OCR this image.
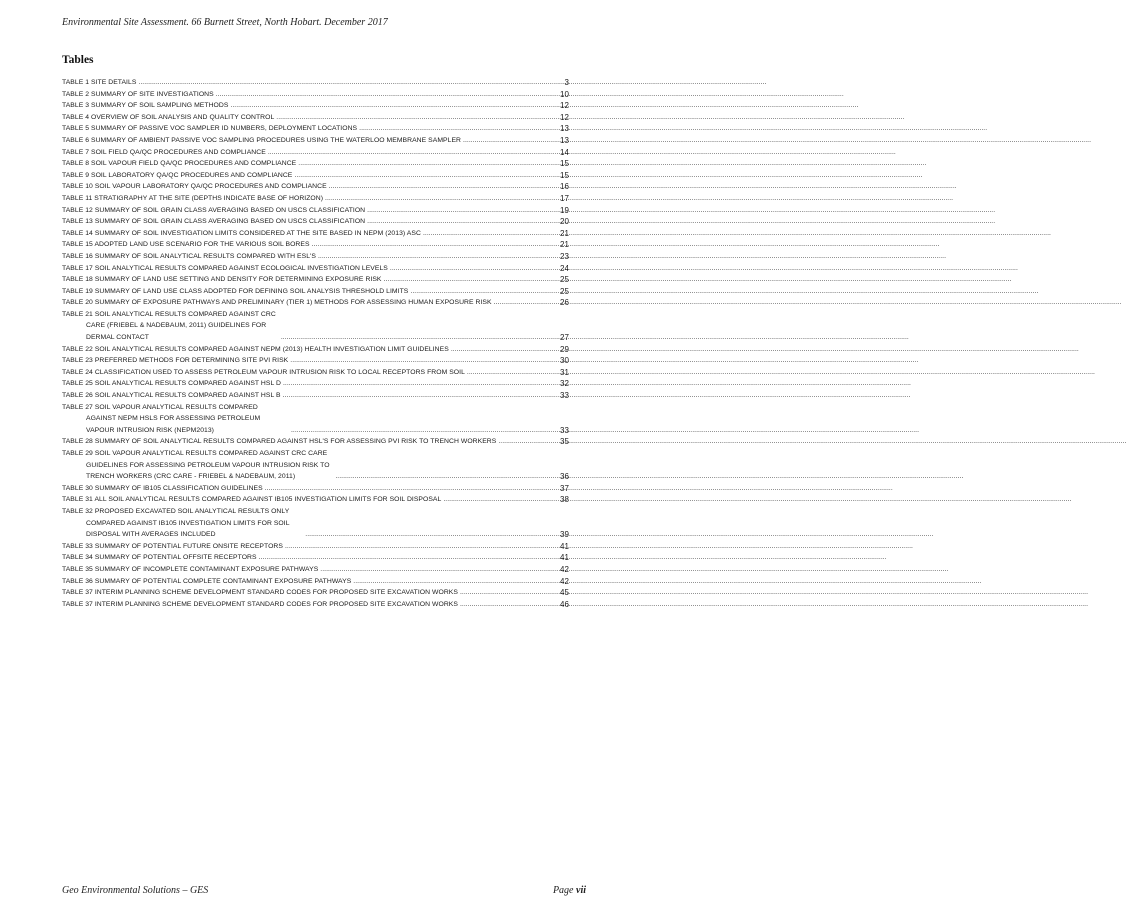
Environmental Site Assessment. 66 Burnett Street, North Hobart. December 2017
Tables
TABLE 1 SITE DETAILS .....	3
TABLE 2 SUMMARY OF SITE INVESTIGATIONS .....	10
TABLE 3 SUMMARY OF SOIL SAMPLING METHODS .....	12
TABLE 4 OVERVIEW OF SOIL ANALYSIS AND QUALITY CONTROL .....	12
TABLE 5 SUMMARY OF PASSIVE VOC SAMPLER ID NUMBERS, DEPLOYMENT LOCATIONS .....	13
TABLE 6 SUMMARY OF AMBIENT PASSIVE VOC SAMPLING PROCEDURES USING THE WATERLOO MEMBRANE SAMPLER .....	13
TABLE 7 SOIL FIELD QA/QC PROCEDURES AND COMPLIANCE .....	14
TABLE 8 SOIL VAPOUR FIELD QA/QC PROCEDURES AND COMPLIANCE .....	15
TABLE 9 SOIL LABORATORY QA/QC PROCEDURES AND COMPLIANCE .....	15
TABLE 10 SOIL VAPOUR LABORATORY QA/QC PROCEDURES AND COMPLIANCE .....	16
TABLE 11 STRATIGRAPHY AT THE SITE (DEPTHS INDICATE BASE OF HORIZON) .....	17
TABLE 12 SUMMARY OF SOIL GRAIN CLASS AVERAGING BASED ON USCS CLASSIFICATION .....	19
TABLE 13 SUMMARY OF SOIL GRAIN CLASS AVERAGING BASED ON USCS CLASSIFICATION .....	20
TABLE 14 SUMMARY OF SOIL INVESTIGATION LIMITS CONSIDERED AT THE SITE BASED IN NEPM (2013) ASC .....	21
TABLE 15 ADOPTED LAND USE SCENARIO FOR THE VARIOUS SOIL BORES .....	21
TABLE 16 SUMMARY OF SOIL ANALYTICAL RESULTS COMPARED WITH ESL'S .....	23
TABLE 17 SOIL ANALYTICAL RESULTS COMPARED AGAINST ECOLOGICAL INVESTIGATION LEVELS .....	24
TABLE 18 SUMMARY OF LAND USE SETTING AND DENSITY FOR DETERMINING EXPOSURE RISK .....	25
TABLE 19 SUMMARY OF LAND USE CLASS ADOPTED FOR DEFINING SOIL ANALYSIS THRESHOLD LIMITS .....	25
TABLE 20 SUMMARY OF EXPOSURE PATHWAYS AND PRELIMINARY (TIER 1) METHODS FOR ASSESSING HUMAN EXPOSURE RISK .....	26
TABLE 21 SOIL ANALYTICAL RESULTS COMPARED AGAINST CRC CARE (FRIEBEL & NADEBAUM, 2011) GUIDELINES FOR DERMAL CONTACT .....	27
TABLE 22 SOIL ANALYTICAL RESULTS COMPARED AGAINST NEPM (2013) HEALTH INVESTIGATION LIMIT GUIDELINES .....	29
TABLE 23 PREFERRED METHODS FOR DETERMINING SITE PVI RISK .....	30
TABLE 24 CLASSIFICATION USED TO ASSESS PETROLEUM VAPOUR INTRUSION RISK TO LOCAL RECEPTORS FROM SOIL .....	31
TABLE 25 SOIL ANALYTICAL RESULTS COMPARED AGAINST HSL D .....	32
TABLE 26 SOIL ANALYTICAL RESULTS COMPARED AGAINST HSL B .....	33
TABLE 27 SOIL VAPOUR ANALYTICAL RESULTS COMPARED AGAINST NEPM HSLS FOR ASSESSING PETROLEUM VAPOUR INTRUSION RISK (NEPM2013) .....	33
TABLE 28 SUMMARY OF SOIL ANALYTICAL RESULTS COMPARED AGAINST HSL'S FOR ASSESSING PVI RISK TO TRENCH WORKERS .....	35
TABLE 29 SOIL VAPOUR ANALYTICAL RESULTS COMPARED AGAINST CRC CARE GUIDELINES FOR ASSESSING PETROLEUM VAPOUR INTRUSION RISK TO TRENCH WORKERS (CRC CARE - FRIEBEL & NADEBAUM, 2011) .....	36
TABLE 30 SUMMARY OF IB105 CLASSIFICATION GUIDELINES .....	37
TABLE 31 ALL SOIL ANALYTICAL RESULTS COMPARED AGAINST IB105 INVESTIGATION LIMITS FOR SOIL DISPOSAL .....	38
TABLE 32 PROPOSED EXCAVATED SOIL ANALYTICAL RESULTS ONLY COMPARED AGAINST IB105 INVESTIGATION LIMITS FOR SOIL DISPOSAL WITH AVERAGES INCLUDED .....	39
TABLE 33 SUMMARY OF POTENTIAL FUTURE ONSITE RECEPTORS .....	41
TABLE 34 SUMMARY OF POTENTIAL OFFSITE RECEPTORS .....	41
TABLE 35 SUMMARY OF INCOMPLETE CONTAMINANT EXPOSURE PATHWAYS .....	42
TABLE 36 SUMMARY OF POTENTIAL COMPLETE CONTAMINANT EXPOSURE PATHWAYS .....	42
TABLE 37 INTERIM PLANNING SCHEME DEVELOPMENT STANDARD CODES FOR PROPOSED SITE EXCAVATION WORKS .....	45
TABLE 37 INTERIM PLANNING SCHEME DEVELOPMENT STANDARD CODES FOR PROPOSED SITE EXCAVATION WORKS .....	46
Geo Environmental Solutions – GES	Page vii
